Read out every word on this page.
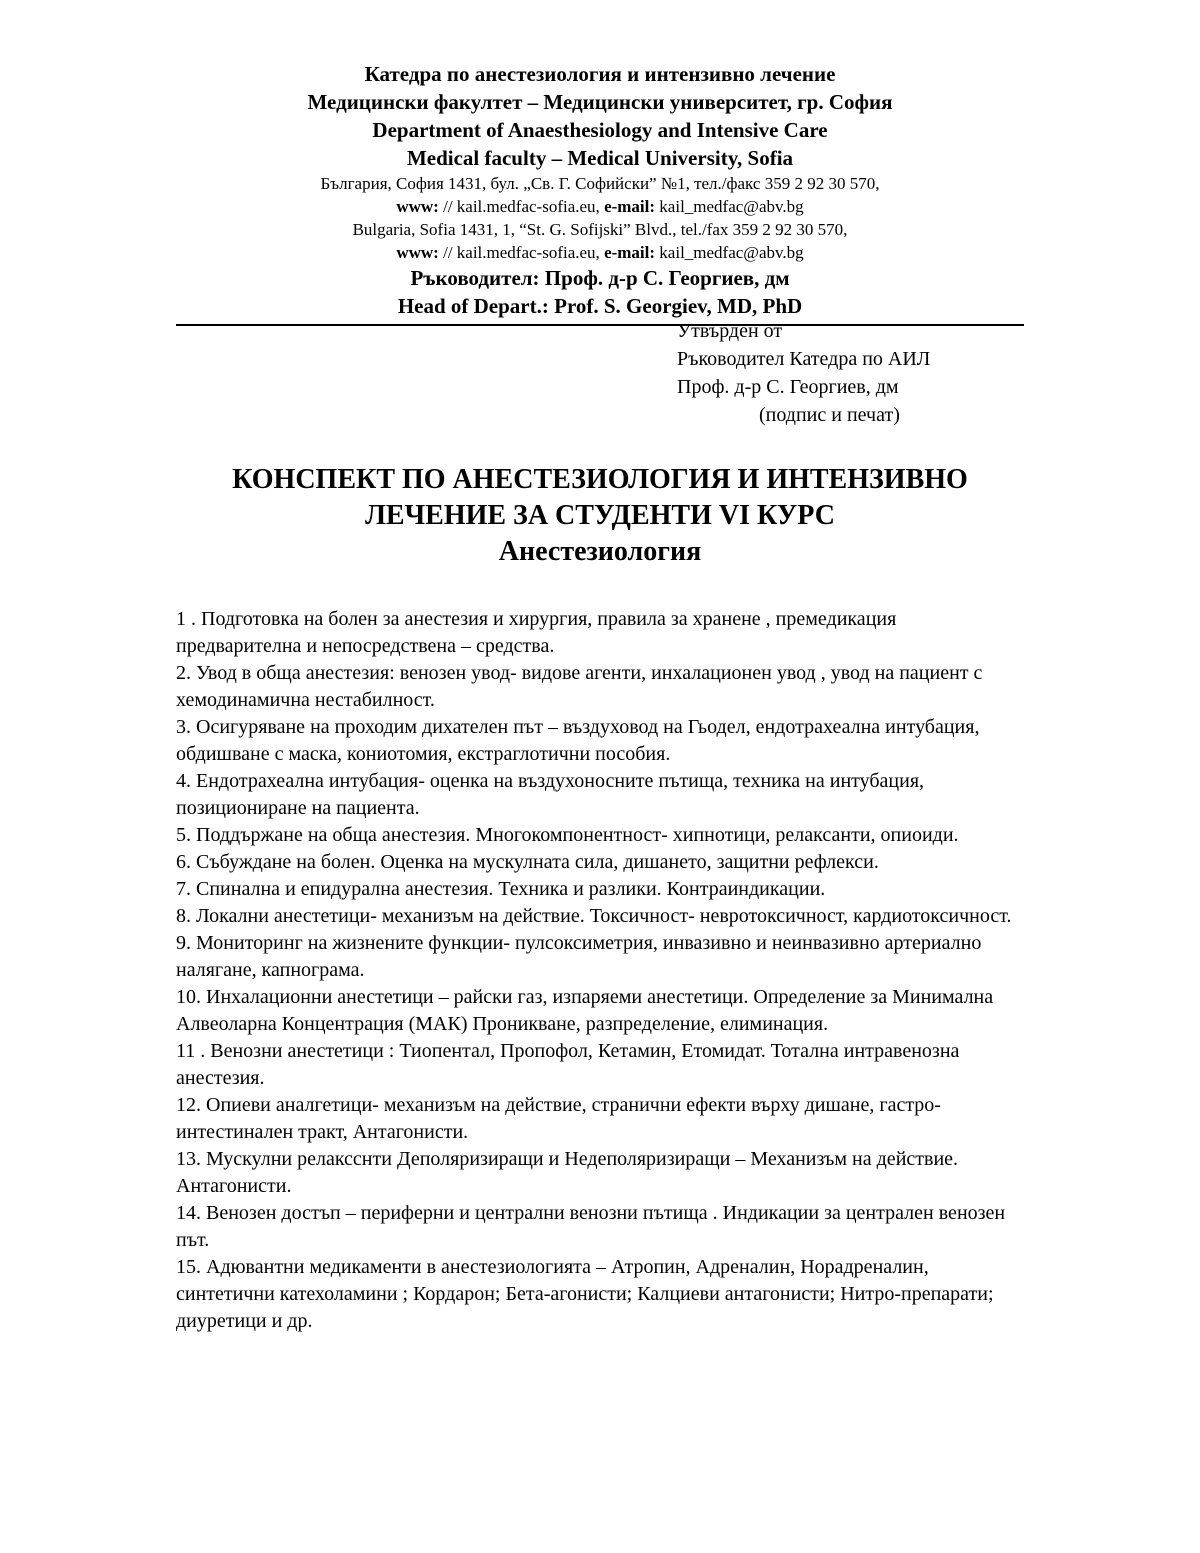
Катедра по анестезиология и интензивно лечение
Медицински факултет – Медицински университет, гр. София
Department of Anaesthesiology and Intensive Care
Medical faculty – Medical University, Sofia
България, София 1431, бул. „Св. Г. Софийски” №1, тел./факс 359 2 92 30 570,
www: // kail.medfac-sofia.eu, e-mail: kail_medfac@abv.bg
Bulgaria, Sofia 1431, 1, “St. G. Sofijski” Blvd., tel./fax 359 2 92 30 570,
www: // kail.medfac-sofia.eu, e-mail: kail_medfac@abv.bg
Ръководител: Проф. д-р С. Георгиев, дм
Head of Depart.: Prof. S. Georgiev, MD, PhD
Утвърден от
Ръководител Катедра по АИЛ
Проф. д-р С. Георгиев, дм
(подпис и печат)
КОНСПЕКТ ПО АНЕСТЕЗИОЛОГИЯ И ИНТЕНЗИВНО
ЛЕЧЕНИЕ ЗА СТУДЕНТИ VI КУРС
Анестезиология

1 . Подготовка на болен за анестезия и хирургия, правила за хранене , премедикация предварителна и непосредствена – средства.

2. Увод в обща анестезия: венозен увод- видове агенти, инхалационен увод , увод на пациент с хемодинамична нестабилност.

3. Осигуряване на проходим дихателен път – въздуховод на Гьодел, ендотрахеална интубация, обдишване с маска, кониотомия, екстраглотични пособия.

4. Ендотрахеална интубация- оценка на въздухоносните пътища, техника на интубация, позициониране на пациента.

5. Поддържане на обща анестезия. Многокомпонентност- хипнотици, релаксанти, опиоиди.

6. Събуждане на болен. Оценка на мускулната сила, дишането, защитни рефлекси.

7. Спинална и епидурална анестезия. Техника и разлики. Контраиндикации.

8. Локални анестетици- механизъм на действие. Токсичност- невротоксичност, кардиотоксичност.

9. Мониторинг на жизнените функции- пулсоксиметрия, инвазивно и неинвазивно артериално налягане, капнограма.

10. Инхалационни анестетици – райски газ, изпаряеми анестетици. Определение за Минимална Алвеоларна Концентрация (МАК) Проникване, разпределение, елиминация.

11 . Венозни анестетици : Тиопентал, Пропофол, Кетамин, Етомидат. Тотална интравенозна анестезия.

12. Опиеви аналгетици- механизъм на действие, странични ефекти върху дишане, гастро-интестинален тракт, Антагонисти.

13. Мускулни релаксснти Деполяризиращи и Недеполяризиращи – Механизъм на действие. Антагонисти.

14. Венозен достъп – периферни и централни венозни пътища . Индикации за централен венозен път.

15. Адювантни медикаменти в анестезиологията – Атропин, Адреналин, Норадреналин, синтетични катехоламини ; Кордарон; Бета-агонисти; Калциеви антагонисти; Нитро-препарати; диуретици и др.
